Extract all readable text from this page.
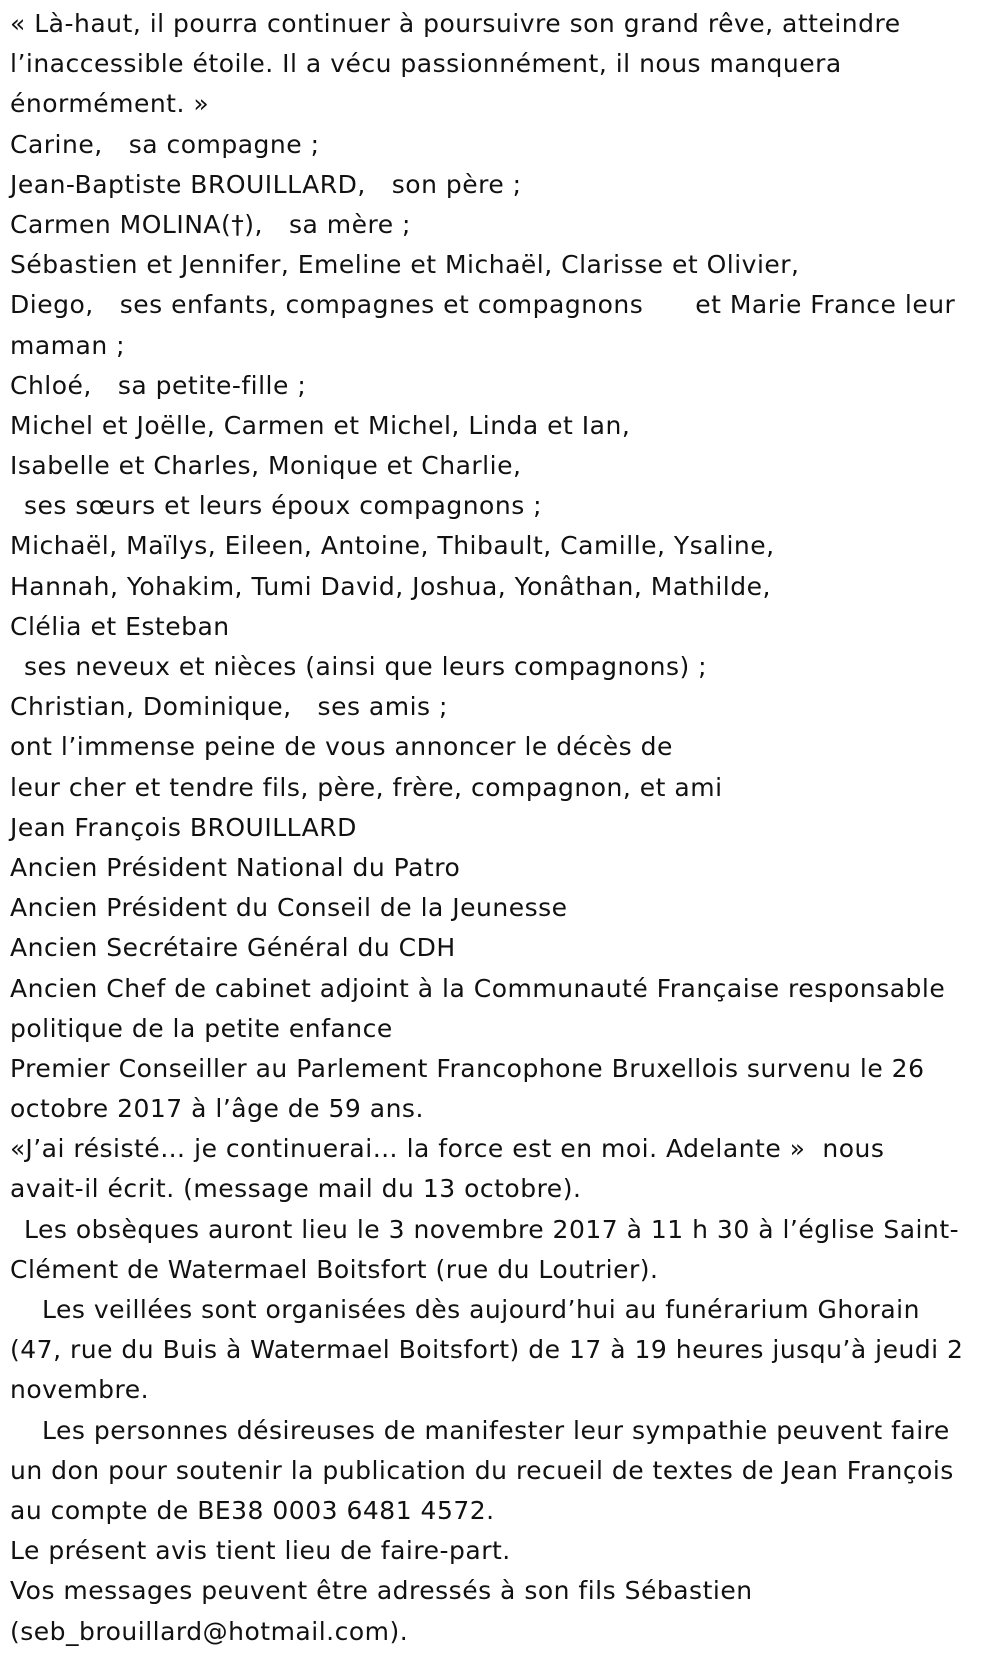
« Là-haut, il pourra continuer à poursuivre son grand rêve, atteindre
l’inaccessible étoile. Il a vécu passionnément, il nous manquera
énormément. »
Carine, sa compagne ;
Jean-Baptiste BROUILLARD, son père ;
Carmen MOLINA(†), sa mère ;
Sébastien et Jennifer, Emeline et Michaël, Clarisse et Olivier,
Diego, ses enfants, compagnes et compagnons et Marie France leur
maman ;
Chloé, sa petite-fille ;
Michel et Joëlle, Carmen et Michel, Linda et Ian,
Isabelle et Charles, Monique et Charlie,
ses sœurs et leurs époux compagnons ;
Michaël, Maïlys, Eileen, Antoine, Thibault, Camille, Ysaline,
Hannah, Yohakim, Tumi David, Joshua, Yonâthan, Mathilde,
Clélia et Esteban
ses neveux et nièces (ainsi que leurs compagnons) ;
Christian, Dominique, ses amis ;
ont l’immense peine de vous annoncer le décès de
leur cher et tendre fils, père, frère, compagnon, et ami
Jean François BROUILLARD
Ancien Président National du Patro
Ancien Président du Conseil de la Jeunesse
Ancien Secrétaire Général du CDH
Ancien Chef de cabinet adjoint à la Communauté Française responsable
politique de la petite enfance
Premier Conseiller au Parlement Francophone Bruxellois survenu le 26
octobre 2017 à l’âge de 59 ans.
«J’ai résisté… je continuerai… la force est en moi. Adelante »  nous
avait-il écrit. (message mail du 13 octobre).
Les obsèques auront lieu le 3 novembre 2017 à 11 h 30 à l’église Saint-
Clément de Watermael Boitsfort (rue du Loutrier).
Les veillées sont organisées dès aujourd’hui au funérarium Ghorain
(47, rue du Buis à Watermael Boitsfort) de 17 à 19 heures jusqu’à jeudi 2
novembre.
Les personnes désireuses de manifester leur sympathie peuvent faire
un don pour soutenir la publication du recueil de textes de Jean François
au compte de BE38 0003 6481 4572.
Le présent avis tient lieu de faire-part.
Vos messages peuvent être adressés à son fils Sébastien
(seb_brouillard@hotmail.com).
